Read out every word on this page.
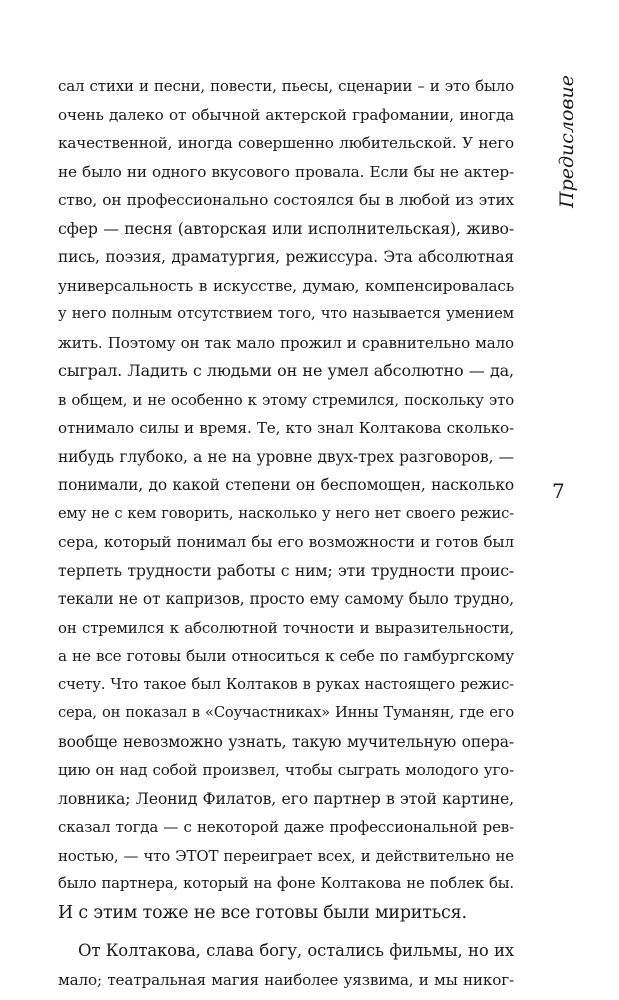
сал стихи и песни, повести, пьесы, сценарии – и это было
очень далеко от обычной актерской графомании, иногда
качественной, иногда совершенно любительской. У него
не было ни одного вкусового провала. Если бы не актер-
ство, он профессионально состоялся бы в любой из этих
сфер — песня (авторская или исполнительская), живо-
пись, поэзия, драматургия, режиссура. Эта абсолютная
универсальность в искусстве, думаю, компенсировалась
у него полным отсутствием того, что называется умением
жить. Поэтому он так мало прожил и сравнительно мало
сыграл. Ладить с людьми он не умел абсолютно — да,
в общем, и не особенно к этому стремился, поскольку это
отнимало силы и время. Те, кто знал Колтакова сколько-
нибудь глубоко, а не на уровне двух-трех разговоров, —
понимали, до какой степени он беспомощен, насколько
ему не с кем говорить, насколько у него нет своего режис-
сера, который понимал бы его возможности и готов был
терпеть трудности работы с ним; эти трудности проис-
текали не от капризов, просто ему самому было трудно,
он стремился к абсолютной точности и выразительности,
а не все готовы были относиться к себе по гамбургскому
счету. Что такое был Колтаков в руках настоящего режис-
сера, он показал в «Соучастниках» Инны Туманян, где его
вообще невозможно узнать, такую мучительную опера-
цию он над собой произвел, чтобы сыграть молодого уго-
ловника; Леонид Филатов, его партнер в этой картине,
сказал тогда — с некоторой даже профессиональной рев-
ностью, — что ЭТОТ переиграет всех, и действительно не
было партнера, который на фоне Колтакова не поблек бы.
И с этим тоже не все готовы были мириться.

От Колтакова, слава богу, остались фильмы, но их
мало; театральная магия наиболее уязвима, и мы никог-

Предисловие
7
